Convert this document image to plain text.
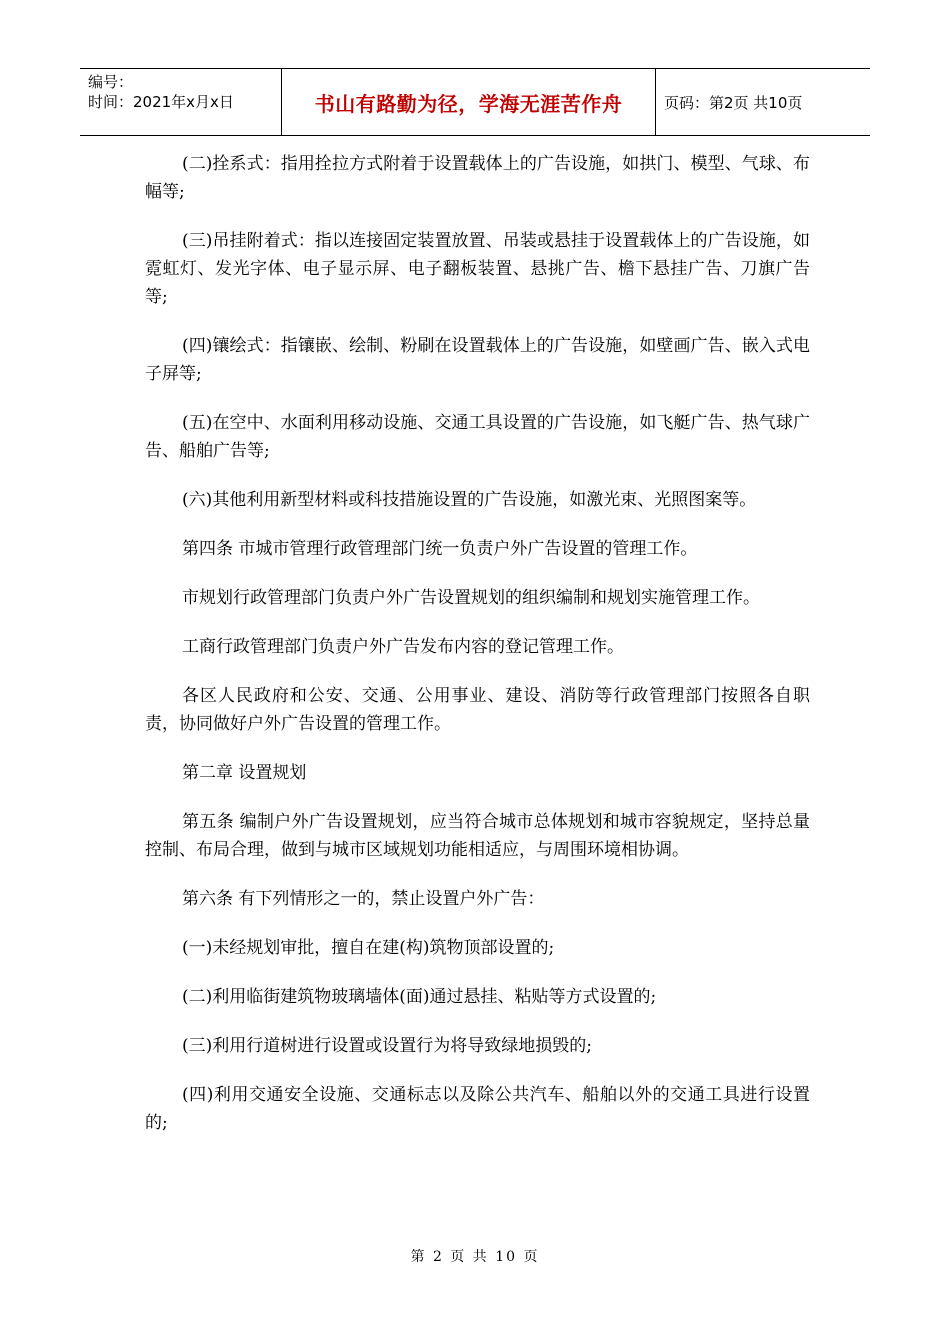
编号：
时间：2021年x月x日	书山有路勤为径，学海无涯苦作舟	页码：第2页 共10页

(二)拴系式：指用拴拉方式附着于设置载体上的广告设施，如拱门、模型、气球、布幅等;

(三)吊挂附着式：指以连接固定装置放置、吊装或悬挂于设置载体上的广告设施，如霓虹灯、发光字体、电子显示屏、电子翻板装置、悬挑广告、檐下悬挂广告、刀旗广告等;

(四)镶绘式：指镶嵌、绘制、粉刷在设置载体上的广告设施，如壁画广告、嵌入式电子屏等;

(五)在空中、水面利用移动设施、交通工具设置的广告设施，如飞艇广告、热气球广告、船舶广告等;

(六)其他利用新型材料或科技措施设置的广告设施，如激光束、光照图案等。

第四条 市城市管理行政管理部门统一负责户外广告设置的管理工作。

市规划行政管理部门负责户外广告设置规划的组织编制和规划实施管理工作。

工商行政管理部门负责户外广告发布内容的登记管理工作。

各区人民政府和公安、交通、公用事业、建设、消防等行政管理部门按照各自职责，协同做好户外广告设置的管理工作。

第二章 设置规划

第五条 编制户外广告设置规划，应当符合城市总体规划和城市容貌规定，坚持总量控制、布局合理，做到与城市区域规划功能相适应，与周围环境相协调。

第六条 有下列情形之一的，禁止设置户外广告：

(一)未经规划审批，擅自在建(构)筑物顶部设置的;

(二)利用临街建筑物玻璃墙体(面)通过悬挂、粘贴等方式设置的;

(三)利用行道树进行设置或设置行为将导致绿地损毁的;

(四)利用交通安全设施、交通标志以及除公共汽车、船舶以外的交通工具进行设置的;

第 2 页 共 10 页
